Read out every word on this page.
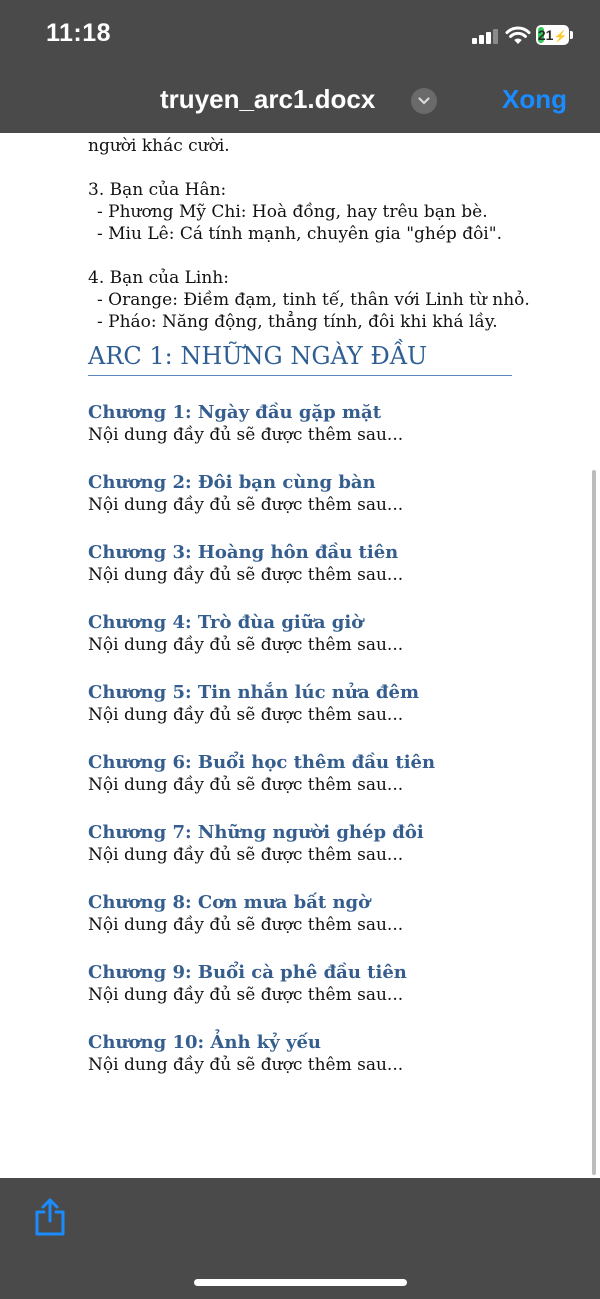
11:18	21⚡
truyen_arc1.docx	Xong
người khác cười.
3. Bạn của Hân:
- Phương Mỹ Chi: Hoà đồng, hay trêu bạn bè.
- Miu Lê: Cá tính mạnh, chuyên gia "ghép đôi".
4. Bạn của Linh:
- Orange: Điềm đạm, tinh tế, thân với Linh từ nhỏ.
- Pháo: Năng động, thẳng tính, đôi khi khá lầy.
ARC 1: NHỮNG NGÀY ĐẦU
Chương 1: Ngày đầu gặp mặt
Nội dung đầy đủ sẽ được thêm sau...
Chương 2: Đôi bạn cùng bàn
Nội dung đầy đủ sẽ được thêm sau...
Chương 3: Hoàng hôn đầu tiên
Nội dung đầy đủ sẽ được thêm sau...
Chương 4: Trò đùa giữa giờ
Nội dung đầy đủ sẽ được thêm sau...
Chương 5: Tin nhắn lúc nửa đêm
Nội dung đầy đủ sẽ được thêm sau...
Chương 6: Buổi học thêm đầu tiên
Nội dung đầy đủ sẽ được thêm sau...
Chương 7: Những người ghép đôi
Nội dung đầy đủ sẽ được thêm sau...
Chương 8: Cơn mưa bất ngờ
Nội dung đầy đủ sẽ được thêm sau...
Chương 9: Buổi cà phê đầu tiên
Nội dung đầy đủ sẽ được thêm sau...
Chương 10: Ảnh kỷ yếu
Nội dung đầy đủ sẽ được thêm sau...
